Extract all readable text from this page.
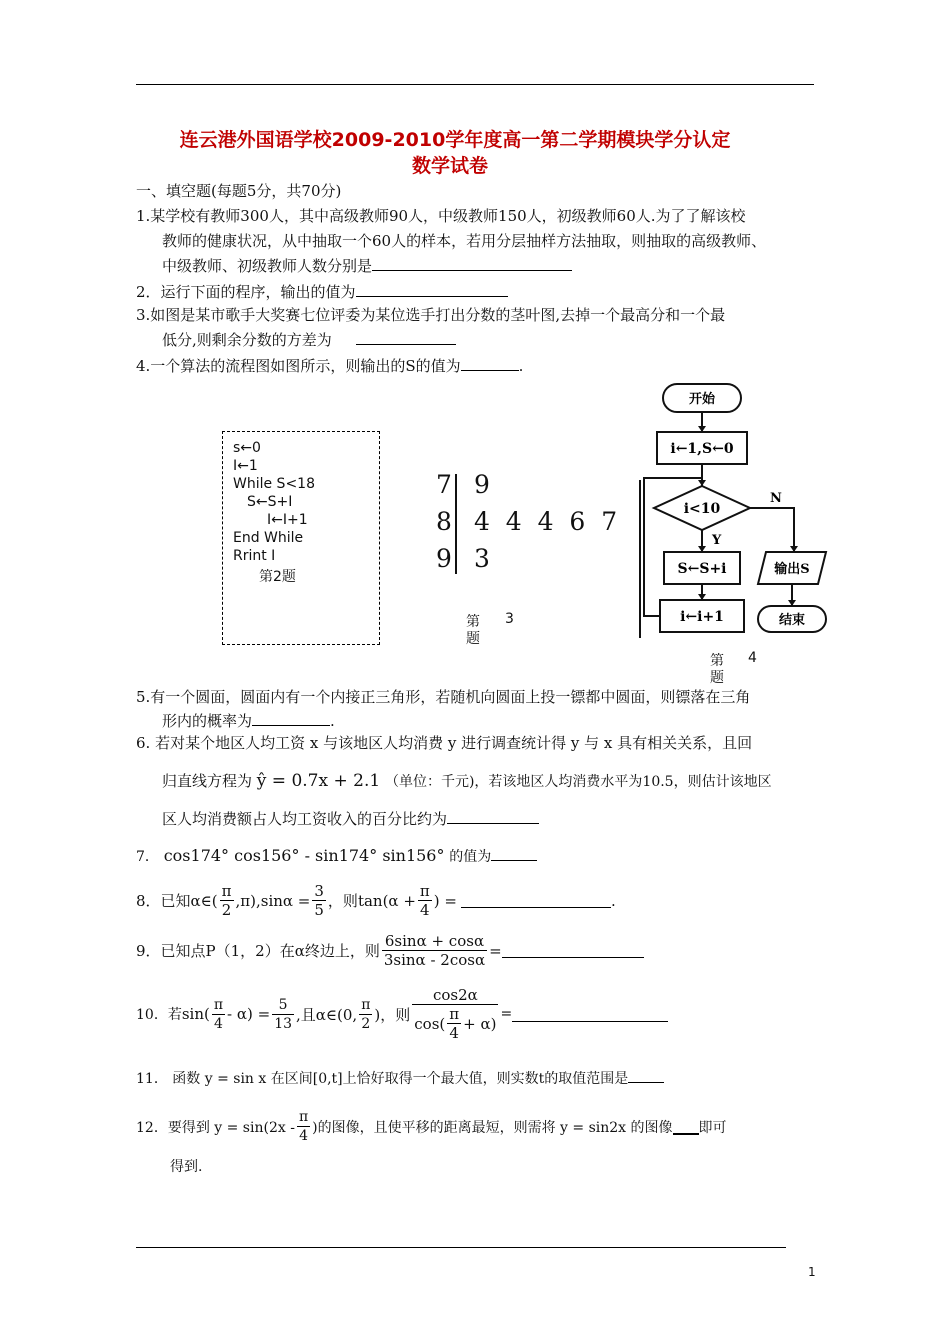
连云港外国语学校2009-2010学年度高一第二学期模块学分认定
数学试卷
一、填空题(每题5分，共70分)
1.某学校有教师300人，其中高级教师90人，中级教师150人，初级教师60人.为了了解该校
教师的健康状况，从中抽取一个60人的样本，若用分层抽样方法抽取，则抽取的高级教师、
中级教师、初级教师人数分别是
2．运行下面的程序，输出的值为
3.如图是某市歌手大奖赛七位评委为某位选手打出分数的茎叶图,去掉一个最高分和一个最
低分,则剩余分数的方差为
4.一个算法的流程图如图所示，则输出的S的值为	.
s←0
I←1
While S<18
S←S+I
I←I+1
End While
Rrint I
第2题
7 9
8 4  4  4  6  7
9 3
第 3
题
开始
i←1,S←0
i<10
N
Y
S←S+i
i←i+1
输出S
结束
第 4
题
5.有一个圆面，圆面内有一个内接正三角形，若随机向圆面上投一镖都中圆面，则镖落在三角
形内的概率为	.
6. 若对某个地区人均工资 x 与该地区人均消费 y 进行调查统计得 y 与 x 具有相关关系，且回
归直线方程为 ŷ = 0.7x + 2.1 （单位：千元)，若该地区人均消费水平为10.5，则估计该地区
区人均消费额占人均工资收入的百分比约为
7． cos174° cos156° - sin174° sin156° 的值为
8．已知 α∈( $\frac{\pi}{2} ,\pi),\sin\alpha = \frac{3}{5}$ ，则 $\tan(\alpha + \frac{\pi}{4}$ ) =	.
9．已知点P（1，2）在α终边上，则 $\frac{6\sin\alpha + \cos\alpha}{3\sin\alpha - 2\cos\alpha}$ =
10．若 $\sin( \frac{\pi}{4} - \alpha) = \frac{5}{13}$ ,且α∈(0, $\frac{\pi}{2}$ )，则 $\frac{\cos 2\alpha}{\cos( \frac{\pi}{4} + \alpha)}$ =
11． 函数 y = sin x 在区间[0,t]上恰好取得一个最大值，则实数t的取值范围是
12．要得到 $y = \sin(2x - \frac{\pi}{4}$ )的图像，且使平移的距离最短，则需将 y = sin2x 的图像 即可
得到.
1
